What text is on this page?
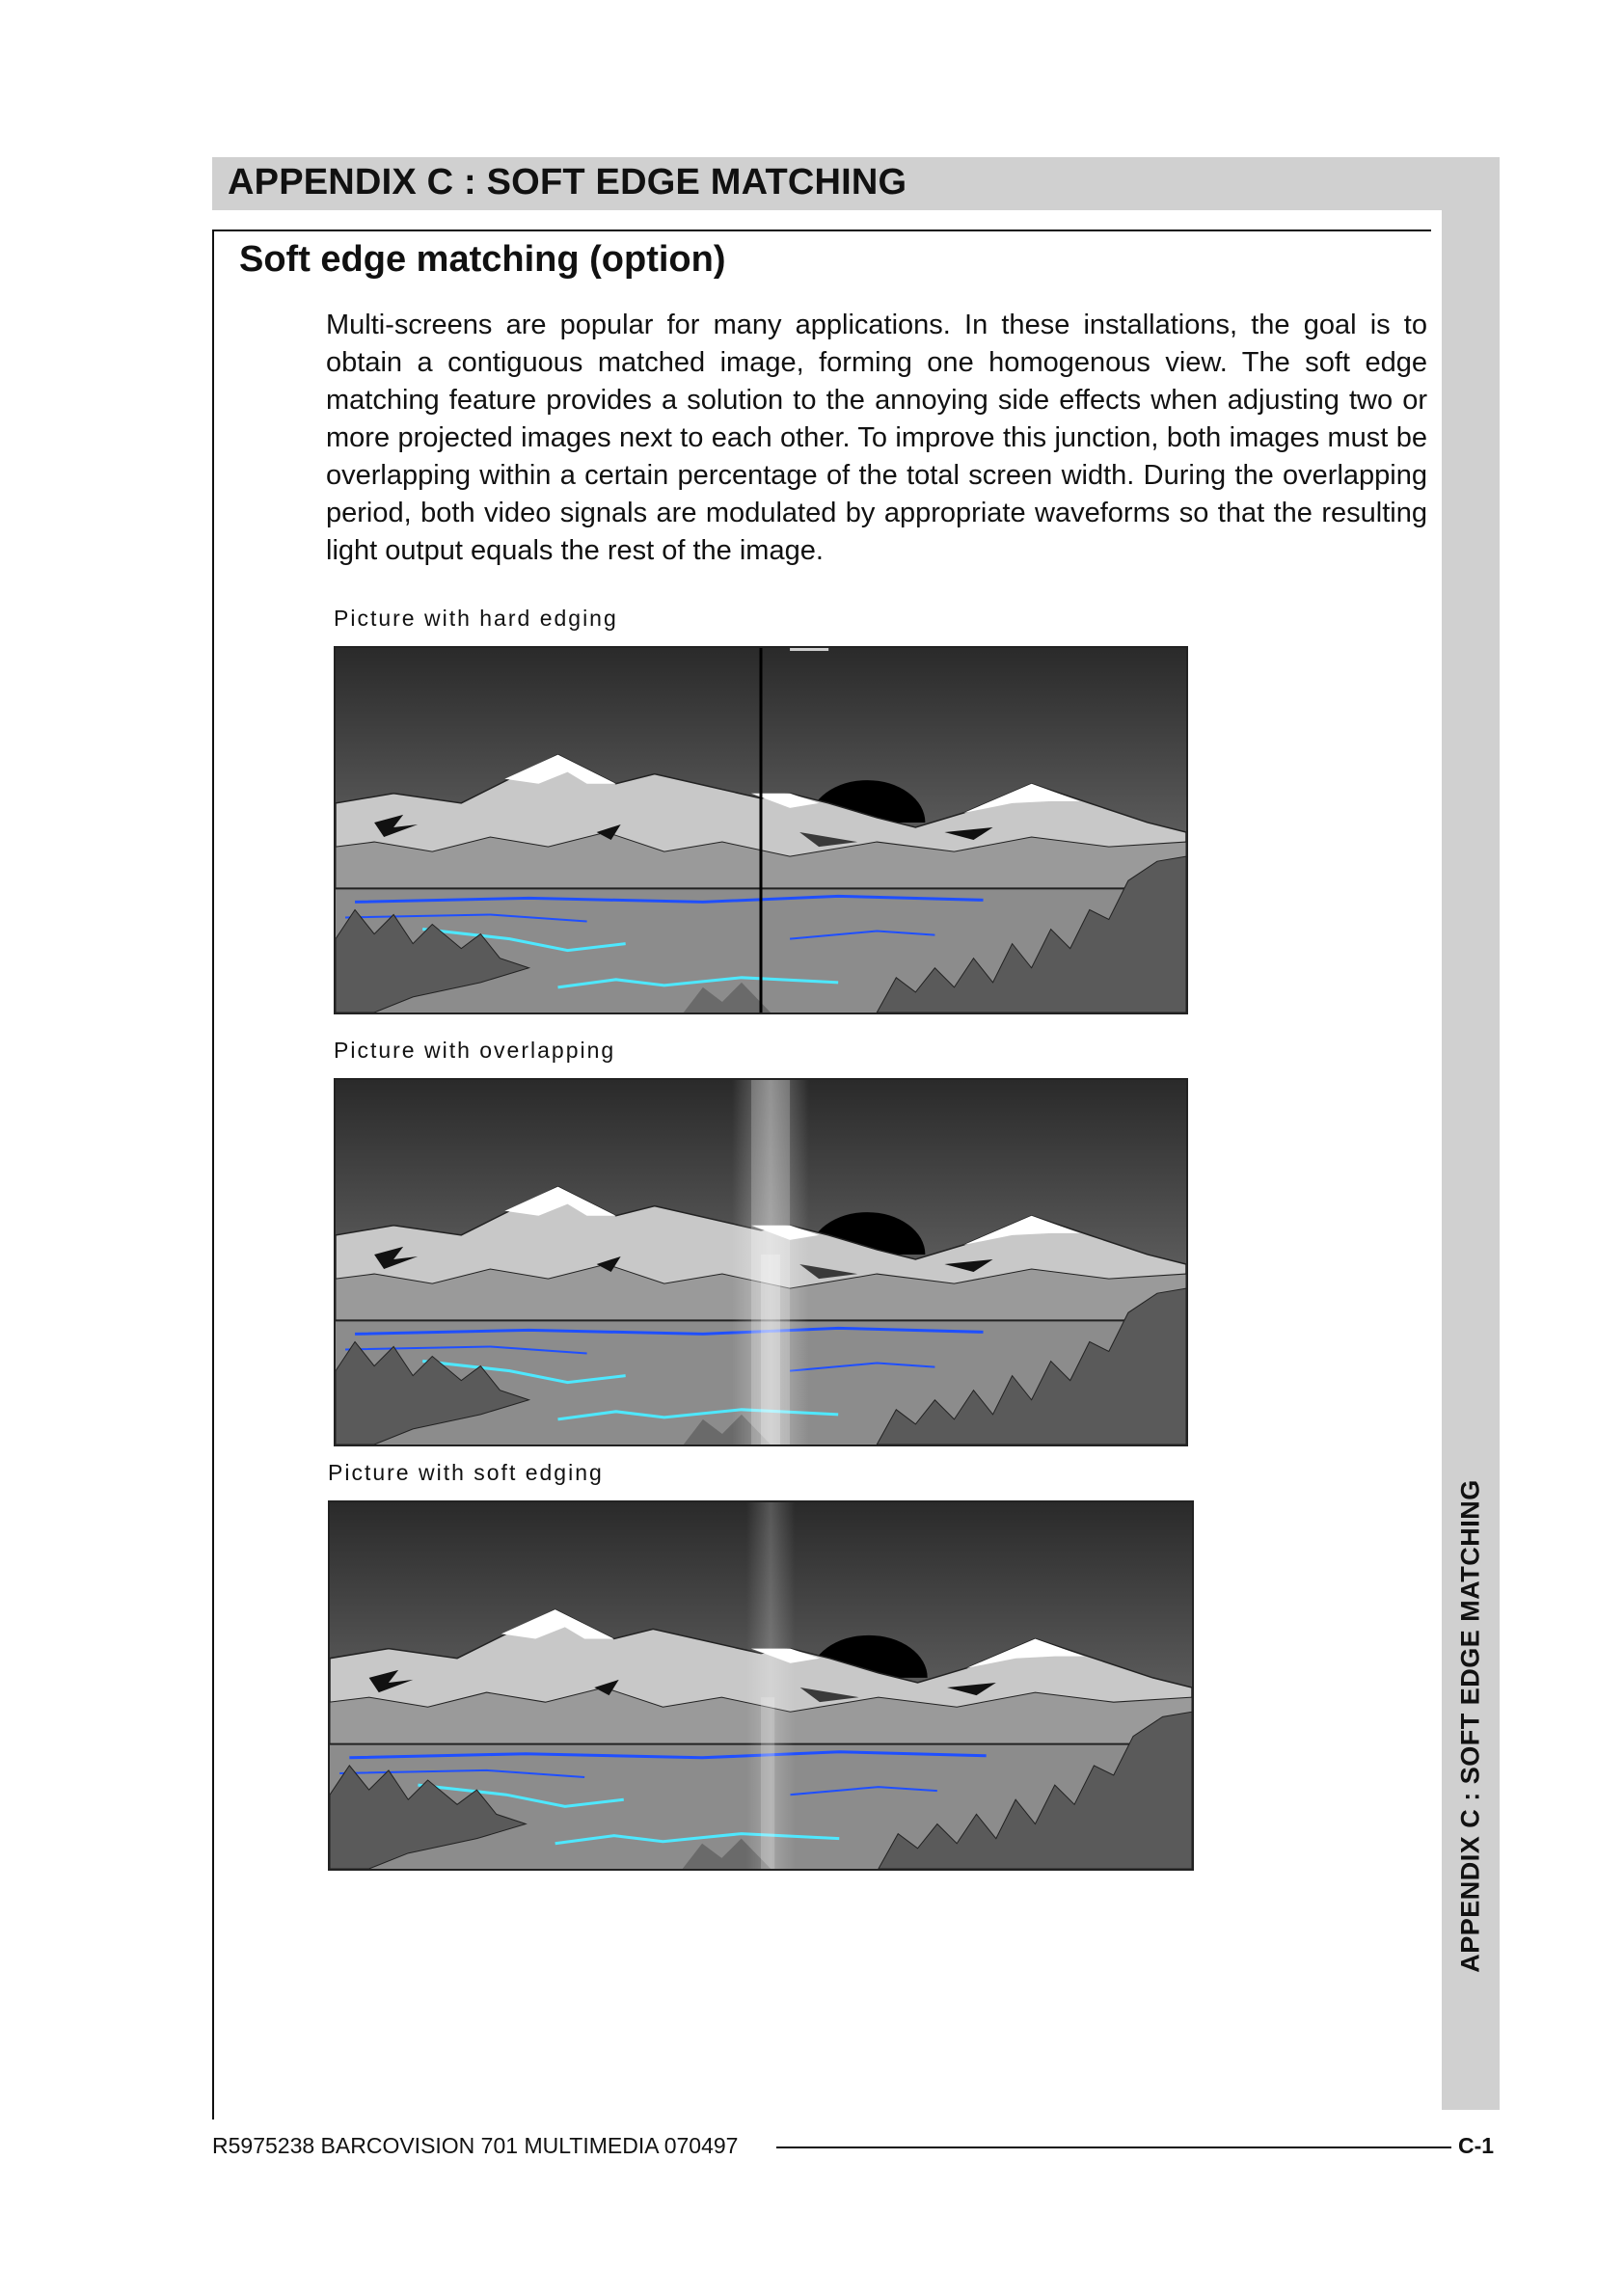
APPENDIX C : SOFT EDGE MATCHING
APPENDIX C : SOFT EDGE MATCHING
Soft edge matching (option)

Multi-screens are popular for many applications. In these installations, the goal is to obtain a contiguous matched image, forming one homogenous view. The soft edge matching feature provides a solution to the annoying side effects when adjusting two or more projected images next to each other. To improve this junction, both images must be overlapping within a certain percentage of the total screen width. During the overlapping period, both video signals are modulated by appropriate waveforms so that the resulting light output equals the rest of the image.

Picture with hard edging
Picture with overlapping
Picture with soft edging
R5975238 BARCOVISION 701 MULTIMEDIA 070497	C-1
